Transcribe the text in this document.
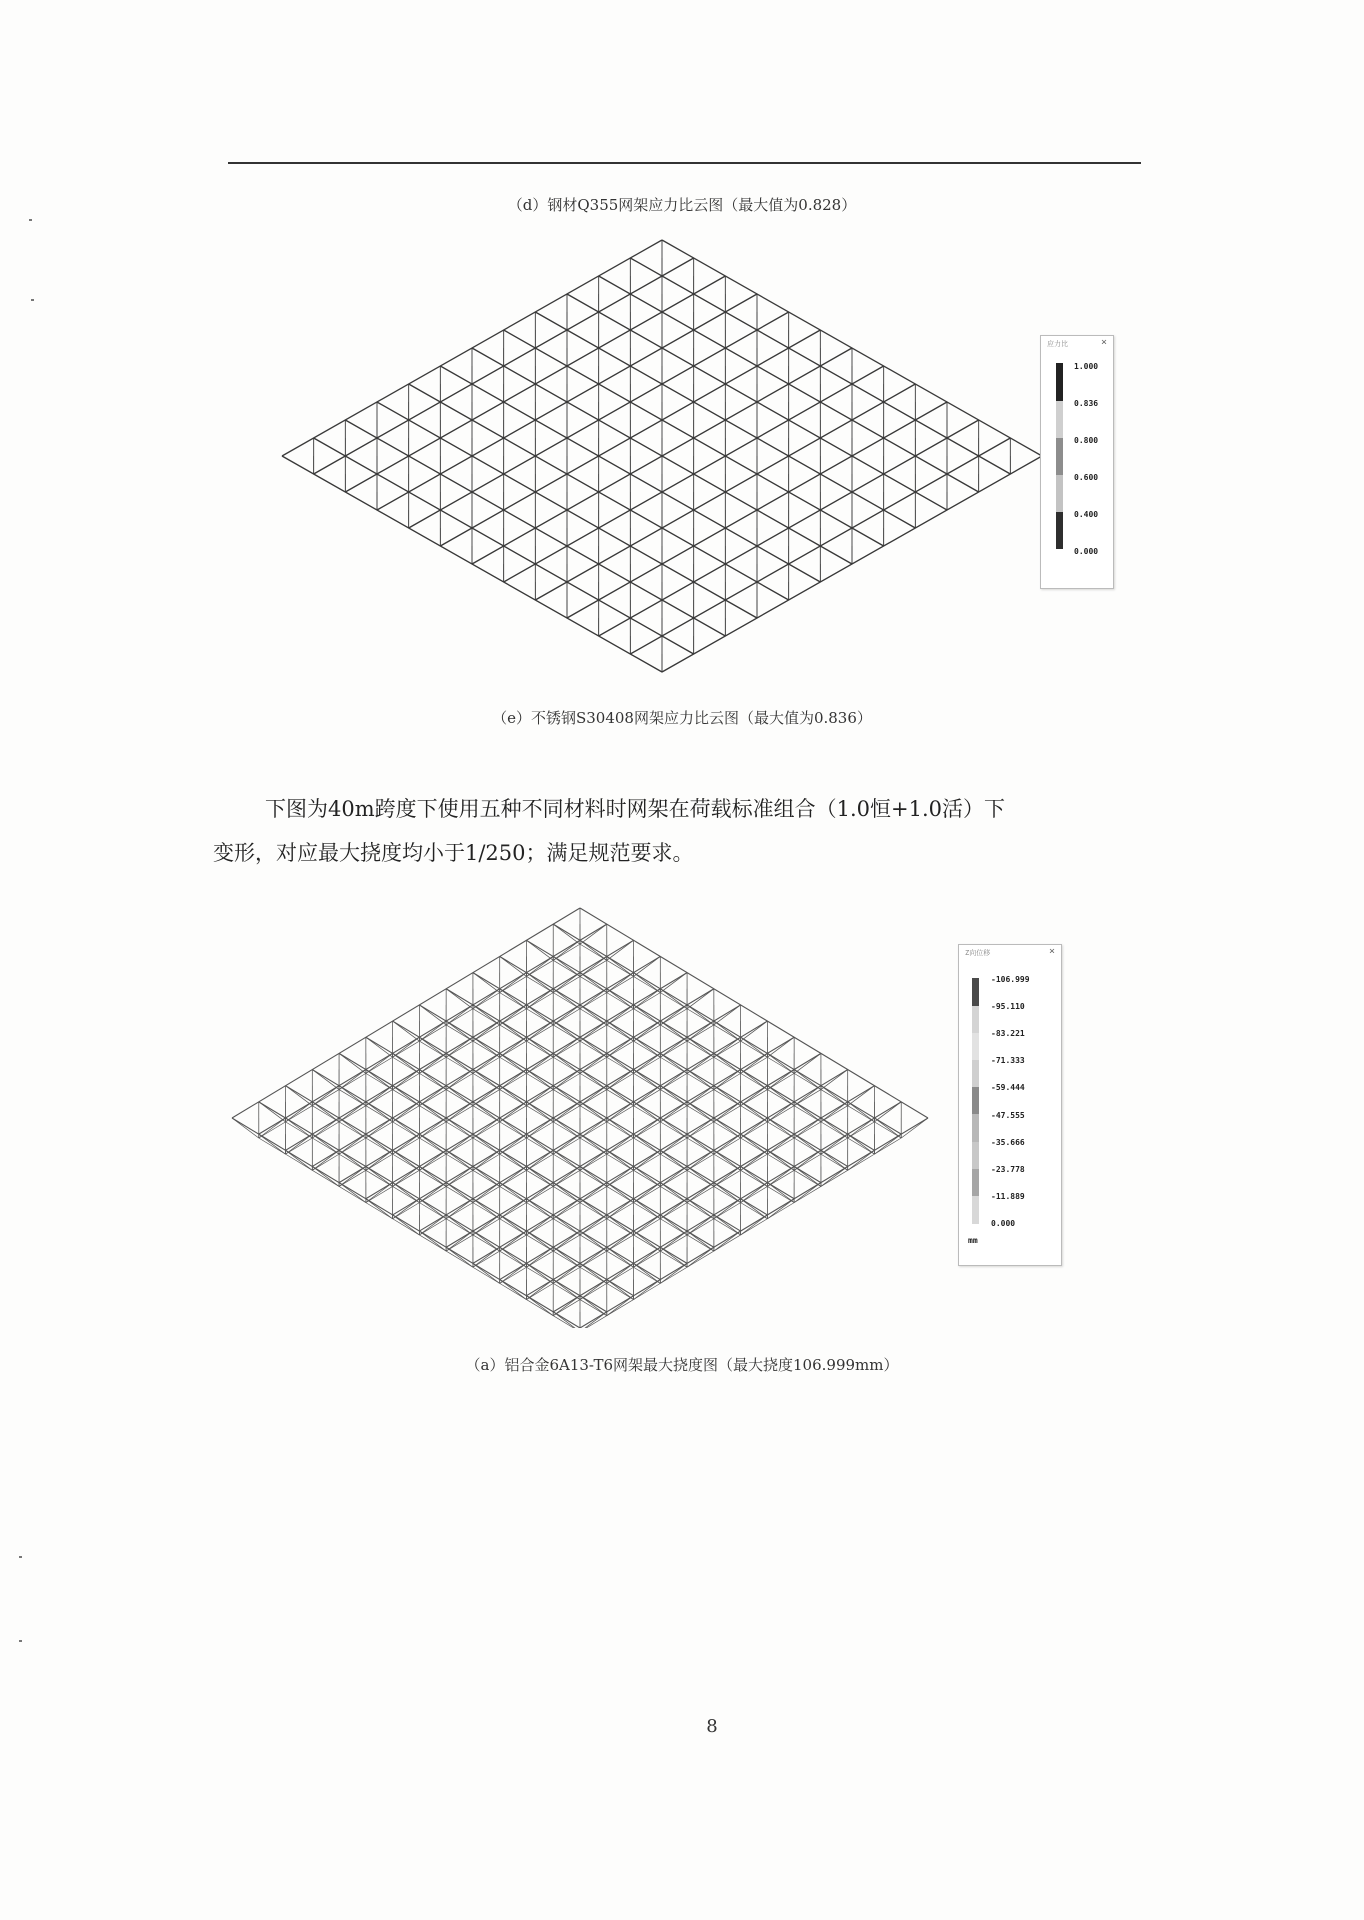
（d）钢材Q355网架应力比云图（最大值为0.828）
应力比	×
1.000
0.836
0.800
0.600
0.400
0.000
（e）不锈钢S30408网架应力比云图（最大值为0.836）
下图为40m跨度下使用五种不同材料时网架在荷载标准组合（1.0恒+1.0活）下
变形，对应最大挠度均小于1/250；满足规范要求。
Z向位移	×
-106.999
-95.110
-83.221
-71.333
-59.444
-47.555
-35.666
-23.778
-11.889
0.000
mm
（a）铝合金6A13-T6网架最大挠度图（最大挠度106.999mm）
8
